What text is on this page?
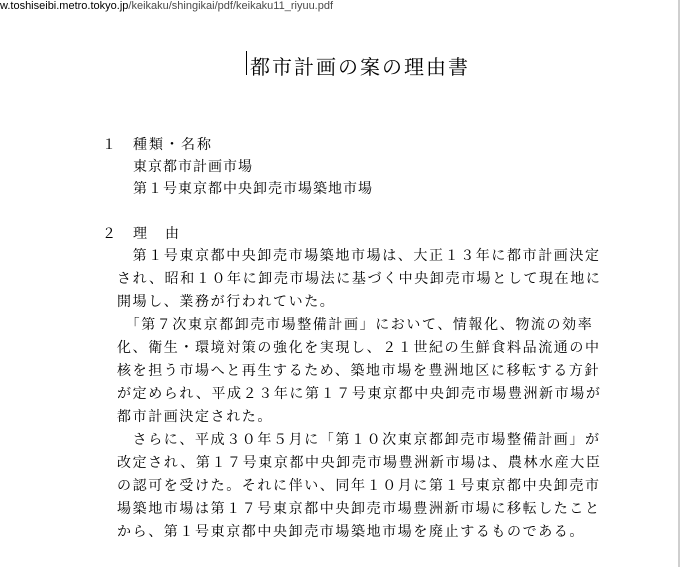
w.toshiseibi.metro.tokyo.jp/keikaku/shingikai/pdf/keikaku11_riyuu.pdf
都市計画の案の理由書
１ 種類・名称
東京都市計画市場
第１号東京都中央卸売市場築地市場
２ 理　由
　第１号東京都中央卸売市場築地市場は、大正１３年に都市計画決定
され、昭和１０年に卸売市場法に基づく中央卸売市場として現在地に
開場し、業務が行われていた。
　「第７次東京都卸売市場整備計画」において、情報化、物流の効率
化、衛生・環境対策の強化を実現し、２１世紀の生鮮食料品流通の中
核を担う市場へと再生するため、築地市場を豊洲地区に移転する方針
が定められ、平成２３年に第１７号東京都中央卸売市場豊洲新市場が
都市計画決定された。
　さらに、平成３０年５月に「第１０次東京都卸売市場整備計画」が
改定され、第１７号東京都中央卸売市場豊洲新市場は、農林水産大臣
の認可を受けた。それに伴い、同年１０月に第１号東京都中央卸売市
場築地市場は第１７号東京都中央卸売市場豊洲新市場に移転したこと
から、第１号東京都中央卸売市場築地市場を廃止するものである。
